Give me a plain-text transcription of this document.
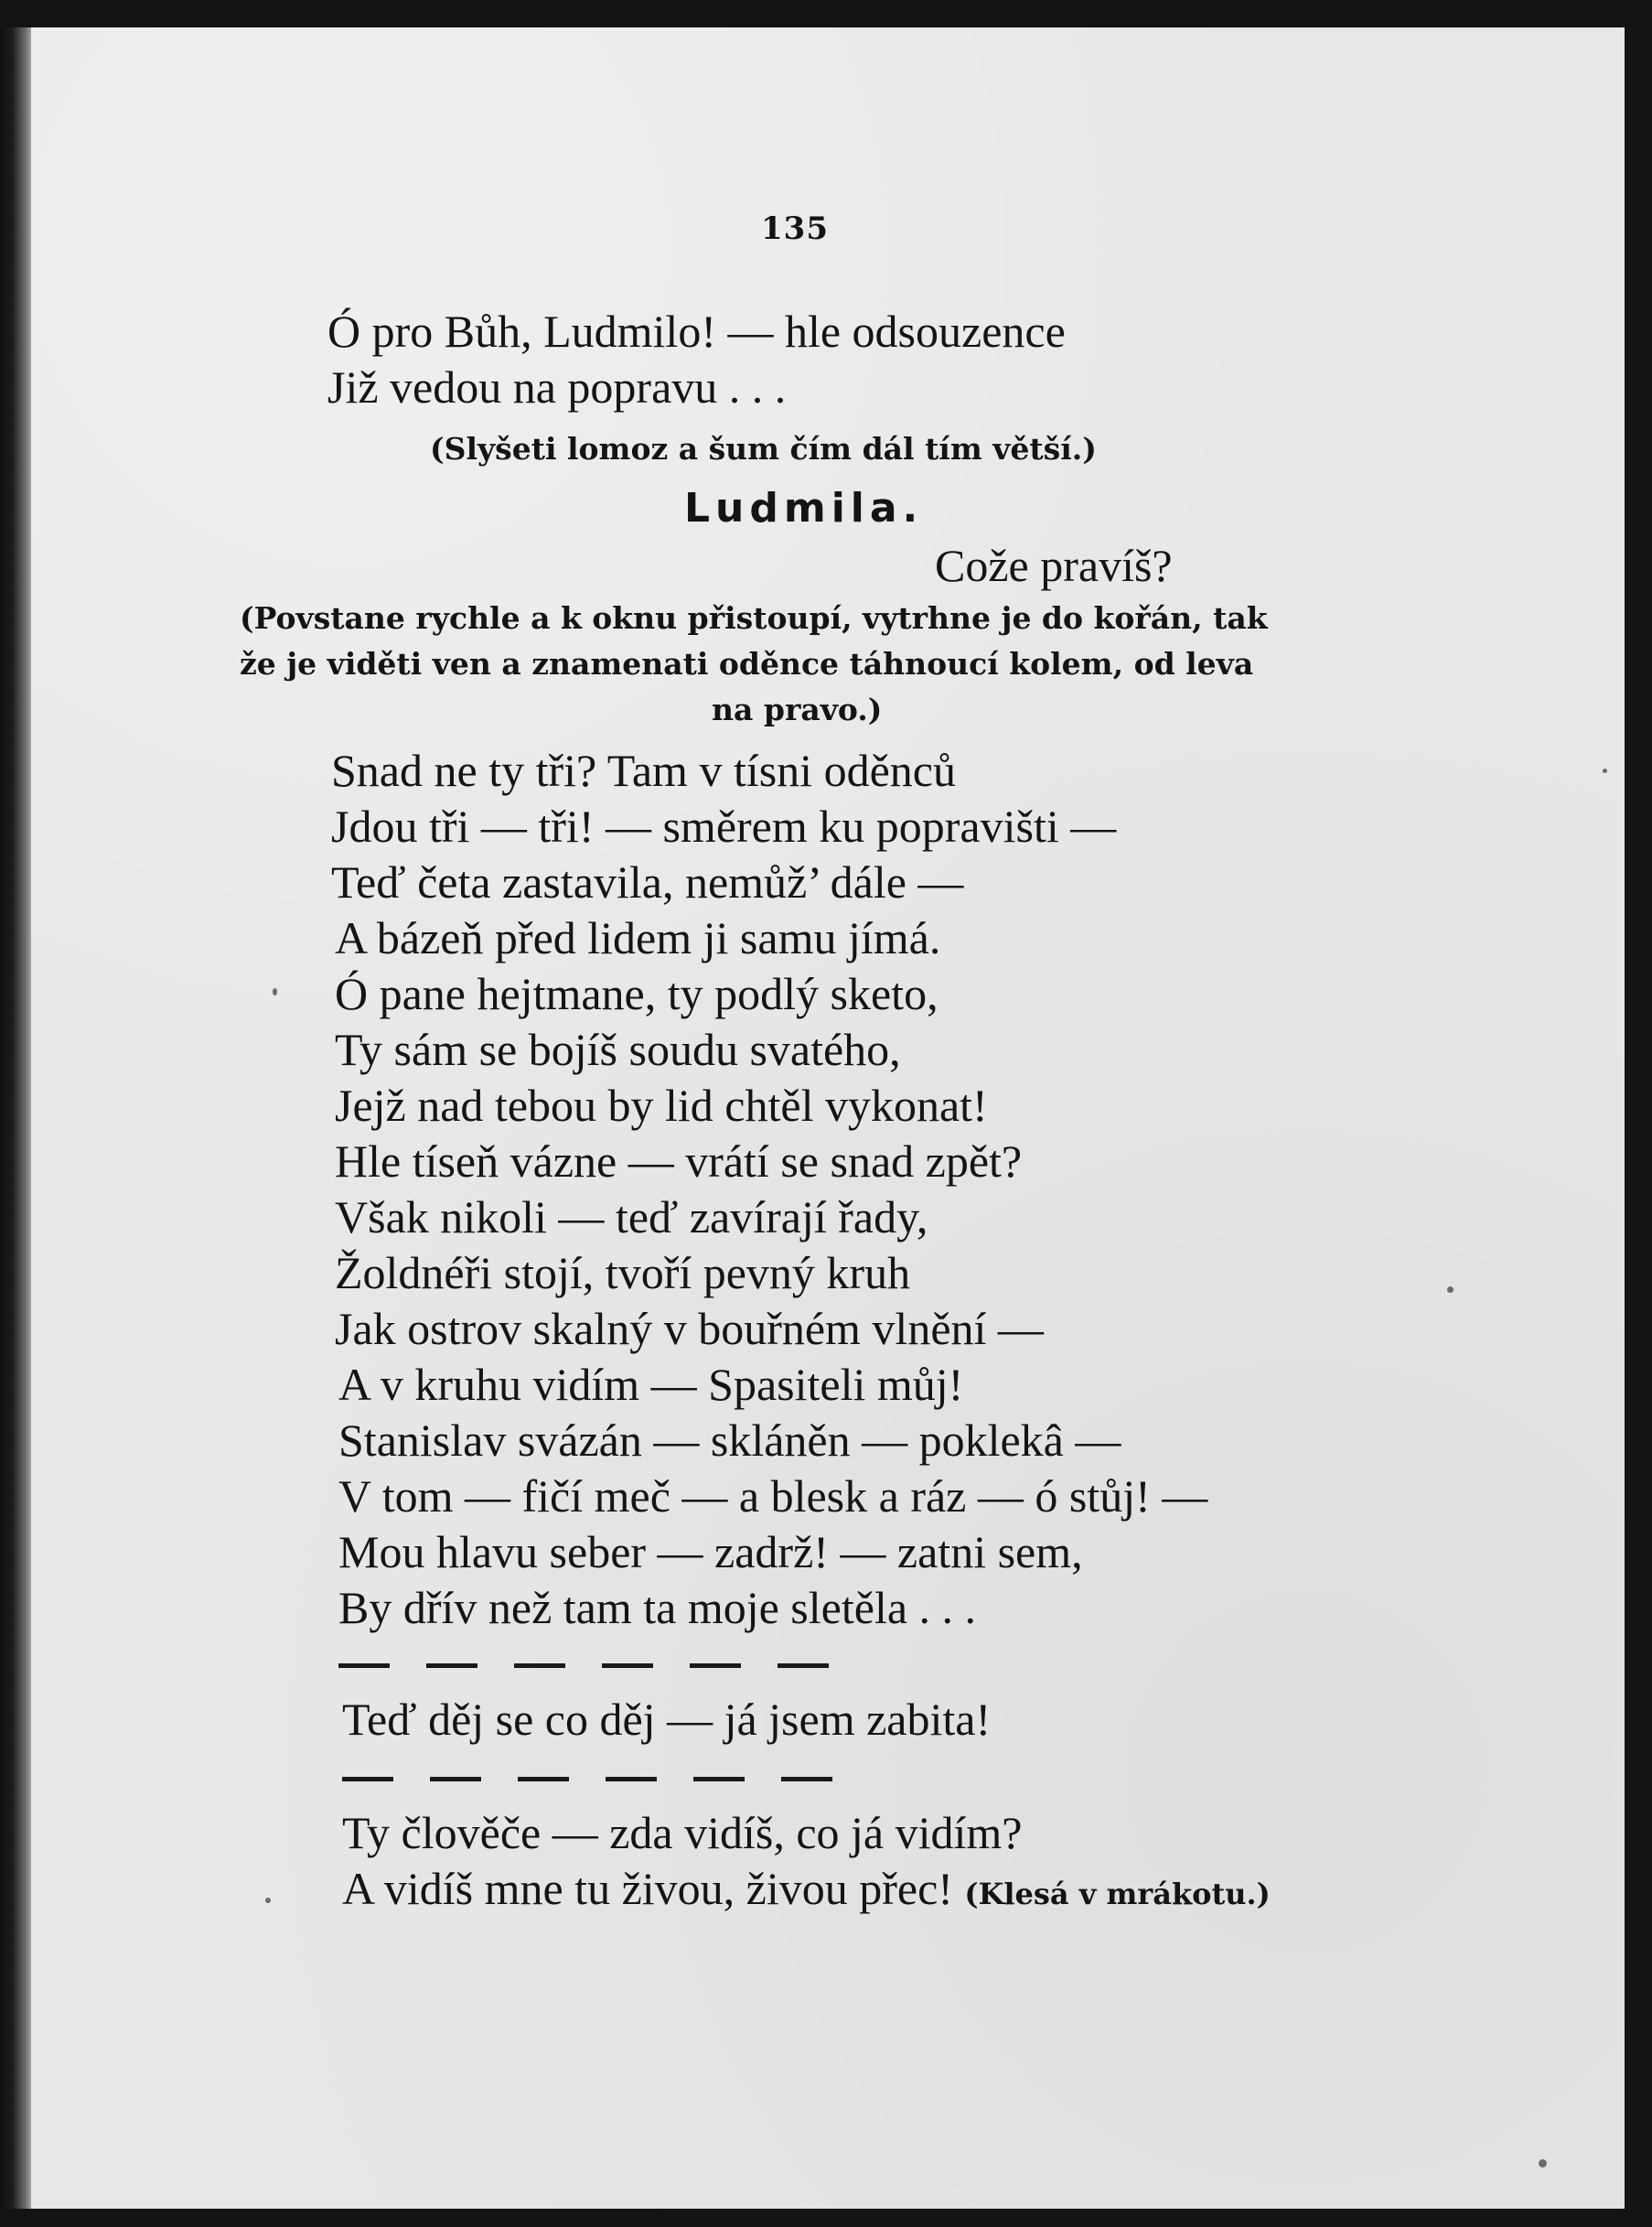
135
Ó pro Bůh, Ludmilo! — hle odsouzence
Již vedou na popravu . . .
(Slyšeti lomoz a šum čím dál tím větší.)
Ludmila.
Cože pravíš?
(Povstane rychle a k oknu přistoupí, vytrhne je do kořán, tak
že je viděti ven a znamenati oděnce táhnoucí kolem, od leva
na pravo.)
Snad ne ty tři? Tam v tísni oděnců
Jdou tři — tři! — směrem ku popravišti —
Teď četa zastavila, nemůž’ dále —
A bázeň před lidem ji samu jímá.
Ó pane hejtmane, ty podlý sketo,
Ty sám se bojíš soudu svatého,
Jejž nad tebou by lid chtěl vykonat!
Hle tíseň vázne — vrátí se snad zpět?
Však nikoli — teď zavírají řady,
Žoldnéři stojí, tvoří pevný kruh
Jak ostrov skalný v bouřném vlnění —
A v kruhu vidím — Spasiteli můj!
Stanislav svázán — skláněn — poklekâ —
V tom — fičí meč — a blesk a ráz — ó stůj! —
Mou hlavu seber — zadrž! — zatni sem,
By dřív než tam ta moje sletěla . . .
Teď děj se co děj — já jsem zabita!
Ty člověče — zda vidíš, co já vidím?
A vidíš mne tu živou, živou přec! (Klesá v mrákotu.)
